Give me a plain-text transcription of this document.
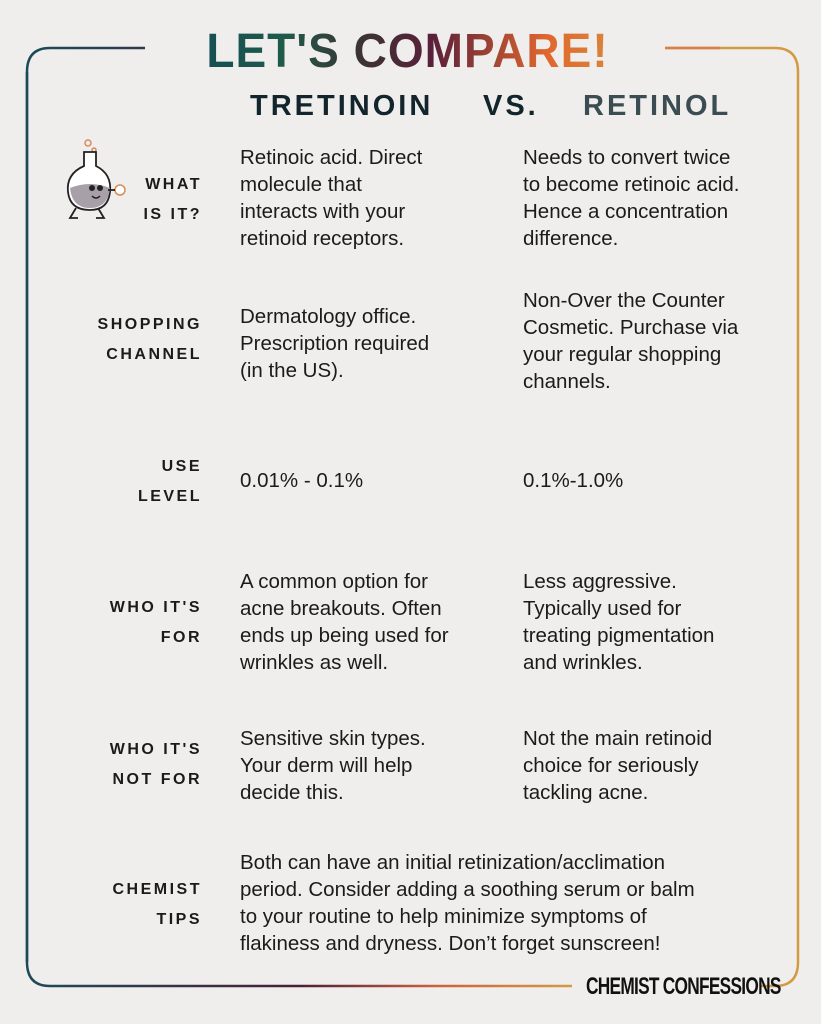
LET'S COMPARE!
TRETINOIN VS. RETINOL
WHAT
IS IT?
Retinoic acid. Direct
molecule that
interacts with your
retinoid receptors.
Needs to convert twice
to become retinoic acid.
Hence a concentration
difference.
SHOPPING
CHANNEL
Dermatology office.
Prescription required
(in the US).
Non-Over the Counter
Cosmetic. Purchase via
your regular shopping
channels.
USE
LEVEL
0.01% - 0.1%	0.1%-1.0%
WHO IT'S
FOR
A common option for
acne breakouts. Often
ends up being used for
wrinkles as well.
Less aggressive.
Typically used for
treating pigmentation
and wrinkles.
WHO IT'S
NOT FOR
Sensitive skin types.
Your derm will help
decide this.
Not the main retinoid
choice for seriously
tackling acne.
CHEMIST
TIPS
Both can have an initial retinization/acclimation
period. Consider adding a soothing serum or balm
to your routine to help minimize symptoms of
flakiness and dryness. Don’t forget sunscreen!
CHEMIST CONFESSIONS
